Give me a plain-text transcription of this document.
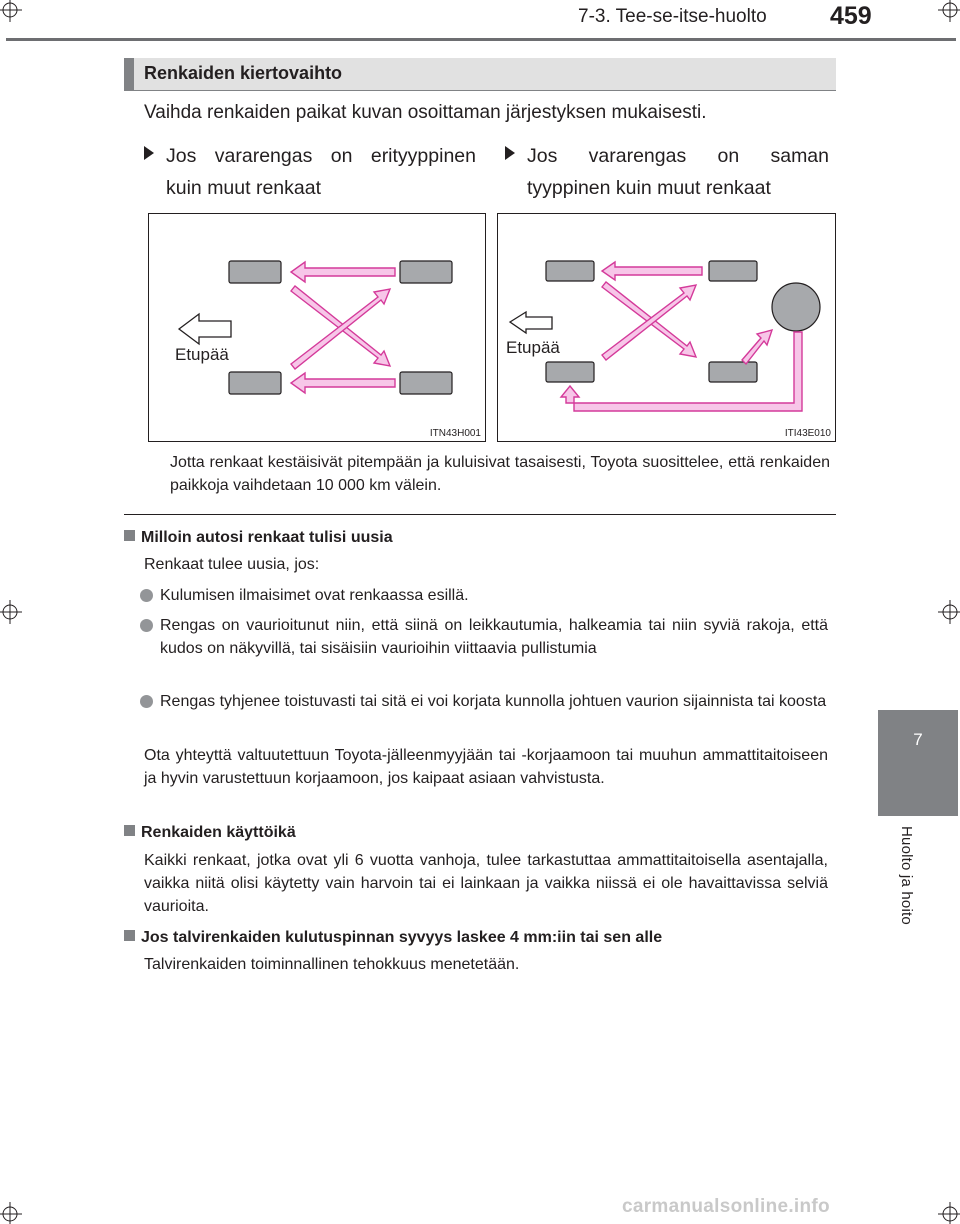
7-3. Tee-se-itse-huolto	459
7
Huolto ja hoito
Renkaiden kiertovaihto
Vaihda renkaiden paikat kuvan osoittaman järjestyksen mukaisesti.

Jos vararengas on erityyppinen kuin muut renkaat

Jos vararengas on saman tyyppinen kuin muut renkaat

Etupää
ITN43H001
Etupää
ITI43E010
Jotta renkaat kestäisivät pitempään ja kuluisivat tasaisesti, Toyota suosittelee, että renkaiden paikkoja vaihdetaan 10 000 km välein.
Milloin autosi renkaat tulisi uusia
Renkaat tulee uusia, jos:
Kulumisen ilmaisimet ovat renkaassa esillä.
Rengas on vaurioitunut niin, että siinä on leikkautumia, halkeamia tai niin syviä rakoja, että kudos on näkyvillä, tai sisäisiin vaurioihin viittaavia pullistumia
Rengas tyhjenee toistuvasti tai sitä ei voi korjata kunnolla johtuen vaurion sijainnista tai koosta
Ota yhteyttä valtuutettuun Toyota-jälleenmyyjään tai -korjaamoon tai muuhun ammattitaitoiseen ja hyvin varustettuun korjaamoon, jos kaipaat asiaan vahvistusta.
Renkaiden käyttöikä
Kaikki renkaat, jotka ovat yli 6 vuotta vanhoja, tulee tarkastuttaa ammattitaitoisella asentajalla, vaikka niitä olisi käytetty vain harvoin tai ei lainkaan ja vaikka niissä ei ole havaittavissa selviä vaurioita.
Jos talvirenkaiden kulutuspinnan syvyys laskee 4 mm:iin tai sen alle
Talvirenkaiden toiminnallinen tehokkuus menetetään.
carmanualsonline.info
